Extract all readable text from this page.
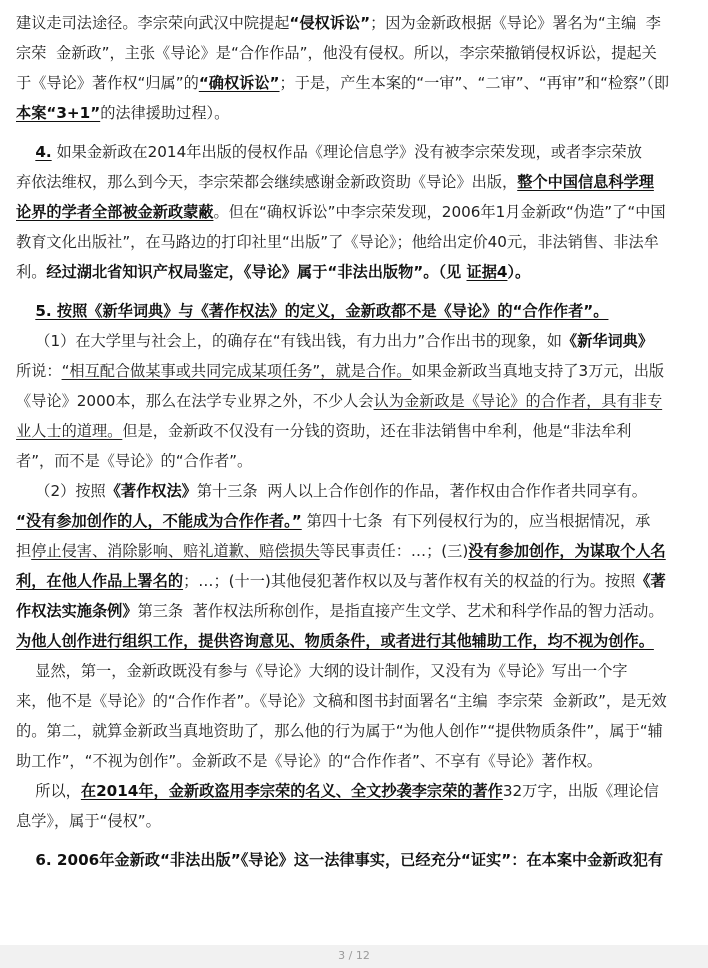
建议走司法途径。李宗荣向武汉中院提起“侵权诉讼”；因为金新政根据《导论》署名为“主编  李
宗荣  金新政”，主张《导论》是“合作作品”，他没有侵权。所以，李宗荣撤销侵权诉讼，提起关
于《导论》著作权“归属”的“确权诉讼”；于是，产生本案的“一审”、“二审”、“再审”和“检察”（即
本案“3+1”的法律援助过程）。
4. 如果金新政在2014年出版的侵权作品《理论信息学》没有被李宗荣发现，或者李宗荣放
弃依法维权，那么到今天，李宗荣都会继续感谢金新政资助《导论》出版，整个中国信息科学理
论界的学者全部被金新政蒙蔽。但在“确权诉讼”中李宗荣发现，2006年1月金新政“伪造”了“中国
教育文化出版社”，在马路边的打印社里“出版”了《导论》；他给出定价40元，非法销售、非法牟
利。经过湖北省知识产权局鉴定，《导论》属于“非法出版物”。（见 证据4）。
5. 按照《新华词典》与《著作权法》的定义，金新政都不是《导论》的“合作作者”。
（1）在大学里与社会上，的确存在“有钱出钱，有力出力”合作出书的现象，如《新华词典》
所说：“相互配合做某事或共同完成某项任务”，就是合作。如果金新政当真地支持了3万元，出版
《导论》2000本，那么在法学专业界之外，不少人会认为金新政是《导论》的合作者，具有非专
业人士的道理。但是，金新政不仅没有一分钱的资助，还在非法销售中牟利，他是“非法牟利
者”，而不是《导论》的“合作者”。
（2）按照《著作权法》第十三条  两人以上合作创作的作品，著作权由合作作者共同享有。
“没有参加创作的人，不能成为合作作者。” 第四十七条  有下列侵权行为的，应当根据情况，承
担停止侵害、消除影响、赔礼道歉、赔偿损失等民事责任：…；(三)没有参加创作，为谋取个人名
利，在他人作品上署名的；…；(十一)其他侵犯著作权以及与著作权有关的权益的行为。按照《著
作权法实施条例》第三条  著作权法所称创作，是指直接产生文学、艺术和科学作品的智力活动。
为他人创作进行组织工作，提供咨询意见、物质条件，或者进行其他辅助工作，均不视为创作。
显然，第一，金新政既没有参与《导论》大纲的设计制作，又没有为《导论》写出一个字
来，他不是《导论》的“合作作者”。《导论》文稿和图书封面署名“主编  李宗荣  金新政”，是无效
的。第二，就算金新政当真地资助了，那么他的行为属于“为他人创作”“提供物质条件”，属于“辅
助工作”，“不视为创作”。金新政不是《导论》的“合作作者”、不享有《导论》著作权。
所以，在2014年，金新政盗用李宗荣的名义、全文抄袭李宗荣的著作32万字，出版《理论信
息学》，属于“侵权”。
6. 2006年金新政“非法出版”《导论》这一法律事实，已经充分“证实”：在本案中金新政犯有
3 / 12
